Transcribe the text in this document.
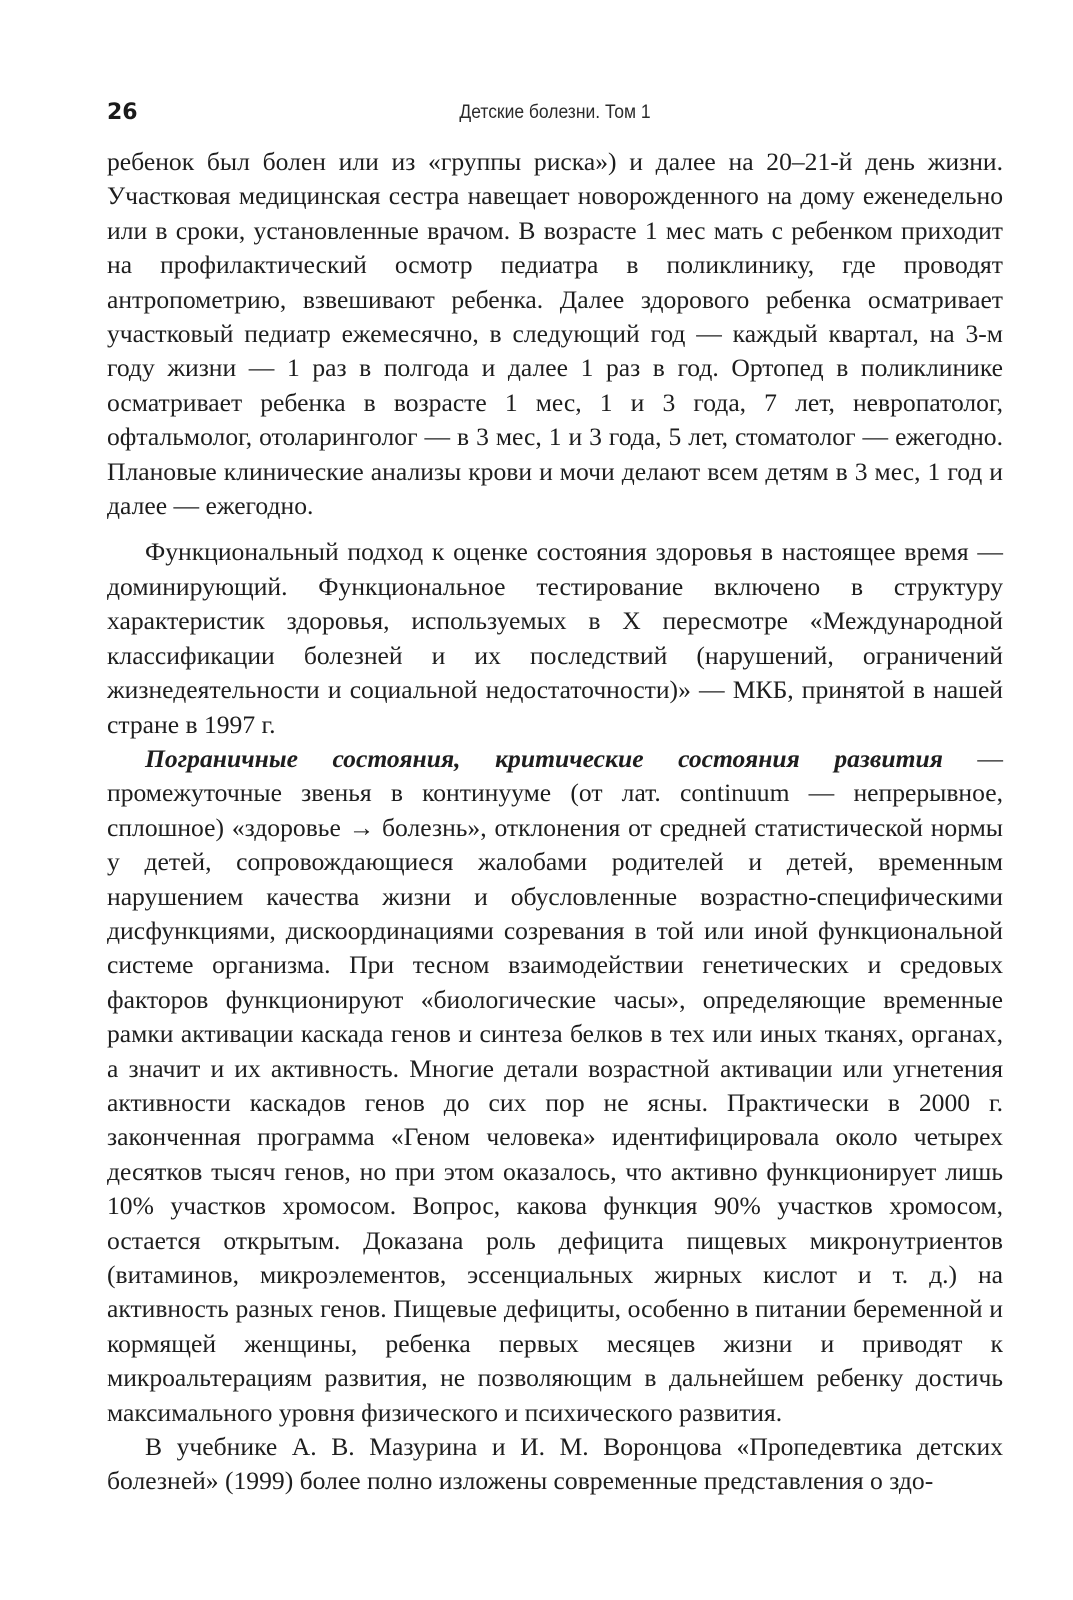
26	Детские болезни. Том 1

ребенок был болен или из «группы риска») и далее на 20–21-й день жизни. Участковая медицинская сестра навещает новорожденного на дому еженедельно или в сроки, установленные врачом. В возрасте 1 мес мать с ребенком приходит на профилактический осмотр педиатра в поликлинику, где проводят антропометрию, взвешивают ребенка. Далее здорового ребенка осматривает участковый педиатр ежемесячно, в следующий год — каждый квартал, на 3-м году жизни — 1 раз в полгода и далее 1 раз в год. Ортопед в поликлинике осматривает ребенка в возрасте 1 мес, 1 и 3 года, 7 лет, невропатолог, офтальмолог, отоларинголог — в 3 мес, 1 и 3 года, 5 лет, стоматолог — ежегодно. Плановые клинические анализы крови и мочи делают всем детям в 3 мес, 1 год и далее — ежегодно.

Функциональный подход к оценке состояния здоровья в настоящее время — доминирующий. Функциональное тестирование включено в структуру характеристик здоровья, используемых в X пересмотре «Международной классификации болезней и их последствий (нарушений, ограничений жизнедеятельности и социальной недостаточности)» — МКБ, принятой в нашей стране в 1997 г.

Пограничные состояния, критические состояния развития — промежуточные звенья в континууме (от лат. continuum — непрерывное, сплошное) «здоровье → болезнь», отклонения от средней статистической нормы у детей, сопровождающиеся жалобами родителей и детей, временным нарушением качества жизни и обусловленные возрастно-специфическими дисфункциями, дискоординациями созревания в той или иной функциональной системе организма. При тесном взаимодействии генетических и средовых факторов функционируют «биологические часы», определяющие временные рамки активации каскада генов и синтеза белков в тех или иных тканях, органах, а значит и их активность. Многие детали возрастной активации или угнетения активности каскадов генов до сих пор не ясны. Практически в 2000 г. законченная программа «Геном человека» идентифицировала около четырех десятков тысяч генов, но при этом оказалось, что активно функционирует лишь 10% участков хромосом. Вопрос, какова функция 90% участков хромосом, остается открытым. Доказана роль дефицита пищевых микронутриентов (витаминов, микроэлементов, эссенциальных жирных кислот и т. д.) на активность разных генов. Пищевые дефициты, особенно в питании беременной и кормящей женщины, ребенка первых месяцев жизни и приводят к микроальтерациям развития, не позволяющим в дальнейшем ребенку достичь максимального уровня физического и психического развития.

В учебнике А. В. Мазурина и И. М. Воронцова «Пропедевтика детских болезней» (1999) более полно изложены современные представления о здо-
